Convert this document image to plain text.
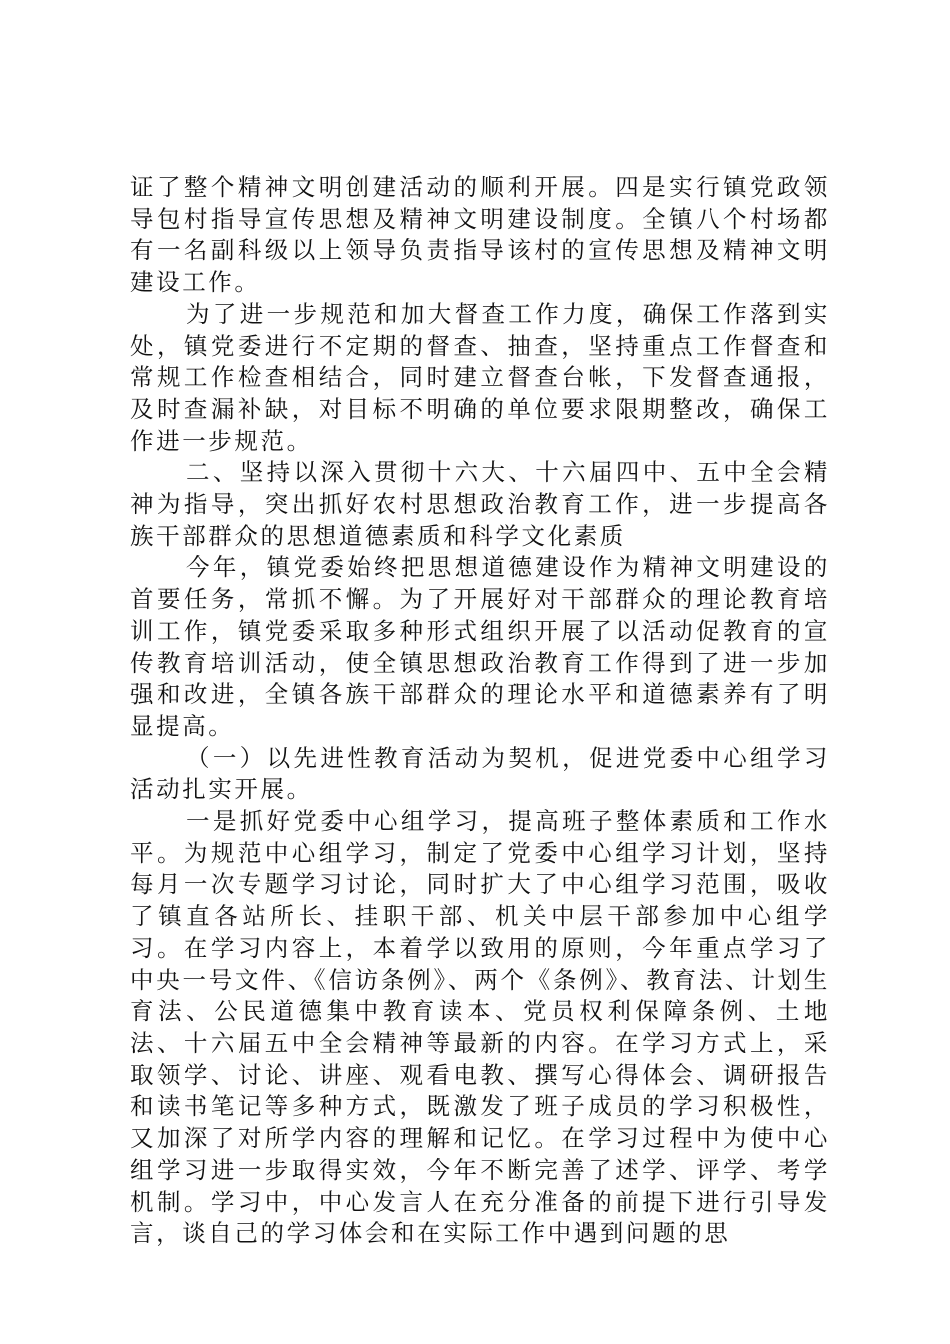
证了整个精神文明创建活动的顺利开展。四是实行镇党政领导包村指导宣传思想及精神文明建设制度。全镇八个村场都有一名副科级以上领导负责指导该村的宣传思想及精神文明建设工作。

为了进一步规范和加大督查工作力度，确保工作落到实处，镇党委进行不定期的督查、抽查，坚持重点工作督查和常规工作检查相结合，同时建立督查台帐，下发督查通报，及时查漏补缺，对目标不明确的单位要求限期整改，确保工作进一步规范。

二、坚持以深入贯彻十六大、十六届四中、五中全会精神为指导，突出抓好农村思想政治教育工作，进一步提高各族干部群众的思想道德素质和科学文化素质

今年，镇党委始终把思想道德建设作为精神文明建设的首要任务，常抓不懈。为了开展好对干部群众的理论教育培训工作，镇党委采取多种形式组织开展了以活动促教育的宣传教育培训活动，使全镇思想政治教育工作得到了进一步加强和改进，全镇各族干部群众的理论水平和道德素养有了明显提高。

（一）以先进性教育活动为契机，促进党委中心组学习活动扎实开展。

一是抓好党委中心组学习，提高班子整体素质和工作水平。为规范中心组学习，制定了党委中心组学习计划，坚持每月一次专题学习讨论，同时扩大了中心组学习范围，吸收了镇直各站所长、挂职干部、机关中层干部参加中心组学习。在学习内容上，本着学以致用的原则，今年重点学习了中央一号文件、《信访条例》、两个《条例》、教育法、计划生育法、公民道德集中教育读本、党员权利保障条例、土地法、十六届五中全会精神等最新的内容。在学习方式上，采取领学、讨论、讲座、观看电教、撰写心得体会、调研报告和读书笔记等多种方式，既激发了班子成员的学习积极性，又加深了对所学内容的理解和记忆。在学习过程中为使中心组学习进一步取得实效，今年不断完善了述学、评学、考学机制。学习中，中心发言人在充分准备的前提下进行引导发言，谈自己的学习体会和在实际工作中遇到问题的思
